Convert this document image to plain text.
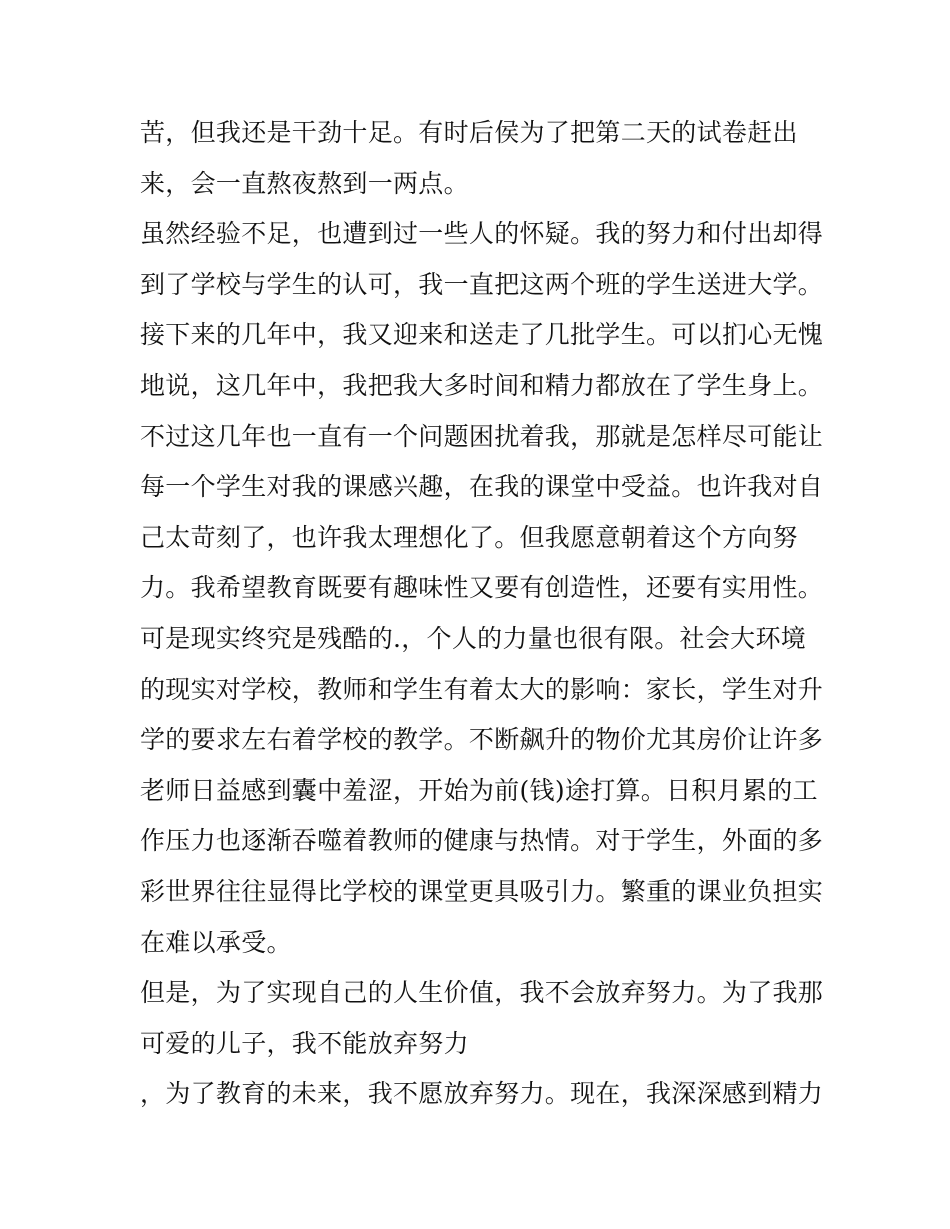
苦，但我还是干劲十足。有时后侯为了把第二天的试卷赶出
来，会一直熬夜熬到一两点。
虽然经验不足，也遭到过一些人的怀疑。我的努力和付出却得
到了学校与学生的认可，我一直把这两个班的学生送进大学。
接下来的几年中，我又迎来和送走了几批学生。可以扪心无愧
地说，这几年中，我把我大多时间和精力都放在了学生身上。
不过这几年也一直有一个问题困扰着我，那就是怎样尽可能让
每一个学生对我的课感兴趣，在我的课堂中受益。也许我对自
己太苛刻了，也许我太理想化了。但我愿意朝着这个方向努
力。我希望教育既要有趣味性又要有创造性，还要有实用性。
可是现实终究是残酷的.，个人的力量也很有限。社会大环境
的现实对学校，教师和学生有着太大的影响：家长，学生对升
学的要求左右着学校的教学。不断飙升的物价尤其房价让许多
老师日益感到囊中羞涩，开始为前(钱)途打算。日积月累的工
作压力也逐渐吞噬着教师的健康与热情。对于学生，外面的多
彩世界往往显得比学校的课堂更具吸引力。繁重的课业负担实
在难以承受。
但是，为了实现自己的人生价值，我不会放弃努力。为了我那
可爱的儿子，我不能放弃努力
，为了教育的未来，我不愿放弃努力。现在，我深深感到精力
